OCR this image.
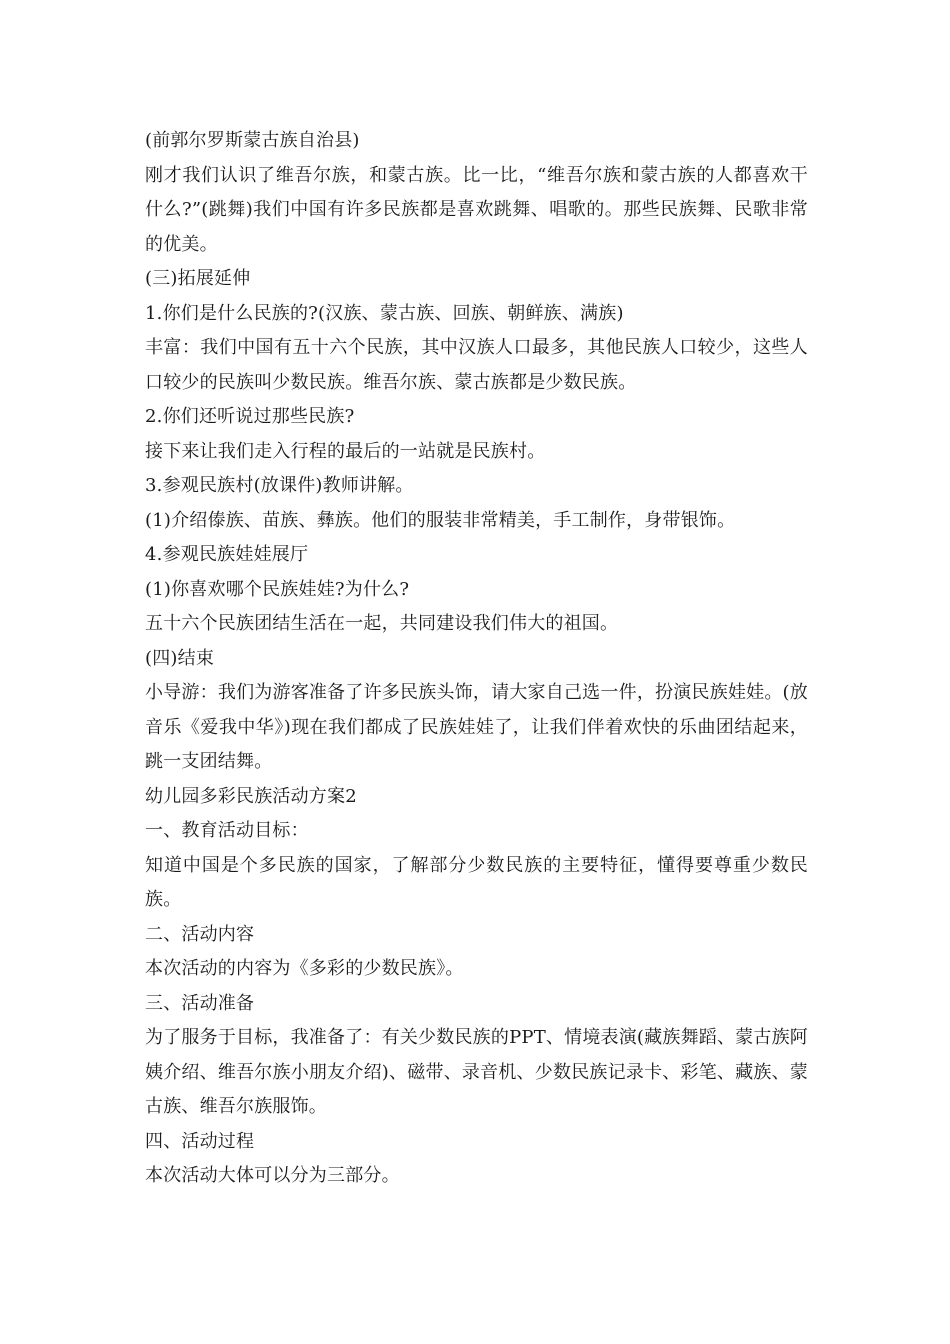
(前郭尔罗斯蒙古族自治县)

刚才我们认识了维吾尔族，和蒙古族。比一比，“维吾尔族和蒙古族的人都喜欢干什么?”(跳舞)我们中国有许多民族都是喜欢跳舞、唱歌的。那些民族舞、民歌非常的优美。

(三)拓展延伸

1.你们是什么民族的?(汉族、蒙古族、回族、朝鲜族、满族)

丰富：我们中国有五十六个民族，其中汉族人口最多，其他民族人口较少，这些人口较少的民族叫少数民族。维吾尔族、蒙古族都是少数民族。

2.你们还听说过那些民族?

接下来让我们走入行程的最后的一站就是民族村。

3.参观民族村(放课件)教师讲解。

(1)介绍傣族、苗族、彝族。他们的服装非常精美，手工制作，身带银饰。

4.参观民族娃娃展厅

(1)你喜欢哪个民族娃娃?为什么?

五十六个民族团结生活在一起，共同建设我们伟大的祖国。

(四)结束

小导游：我们为游客准备了许多民族头饰，请大家自己选一件，扮演民族娃娃。(放音乐《爱我中华》)现在我们都成了民族娃娃了，让我们伴着欢快的乐曲团结起来，跳一支团结舞。

幼儿园多彩民族活动方案2

一、教育活动目标：

知道中国是个多民族的国家，了解部分少数民族的主要特征，懂得要尊重少数民族。

二、活动内容

本次活动的内容为《多彩的少数民族》。

三、活动准备

为了服务于目标，我准备了：有关少数民族的PPT、情境表演(藏族舞蹈、蒙古族阿姨介绍、维吾尔族小朋友介绍)、磁带、录音机、少数民族记录卡、彩笔、藏族、蒙古族、维吾尔族服饰。

四、活动过程

本次活动大体可以分为三部分。
